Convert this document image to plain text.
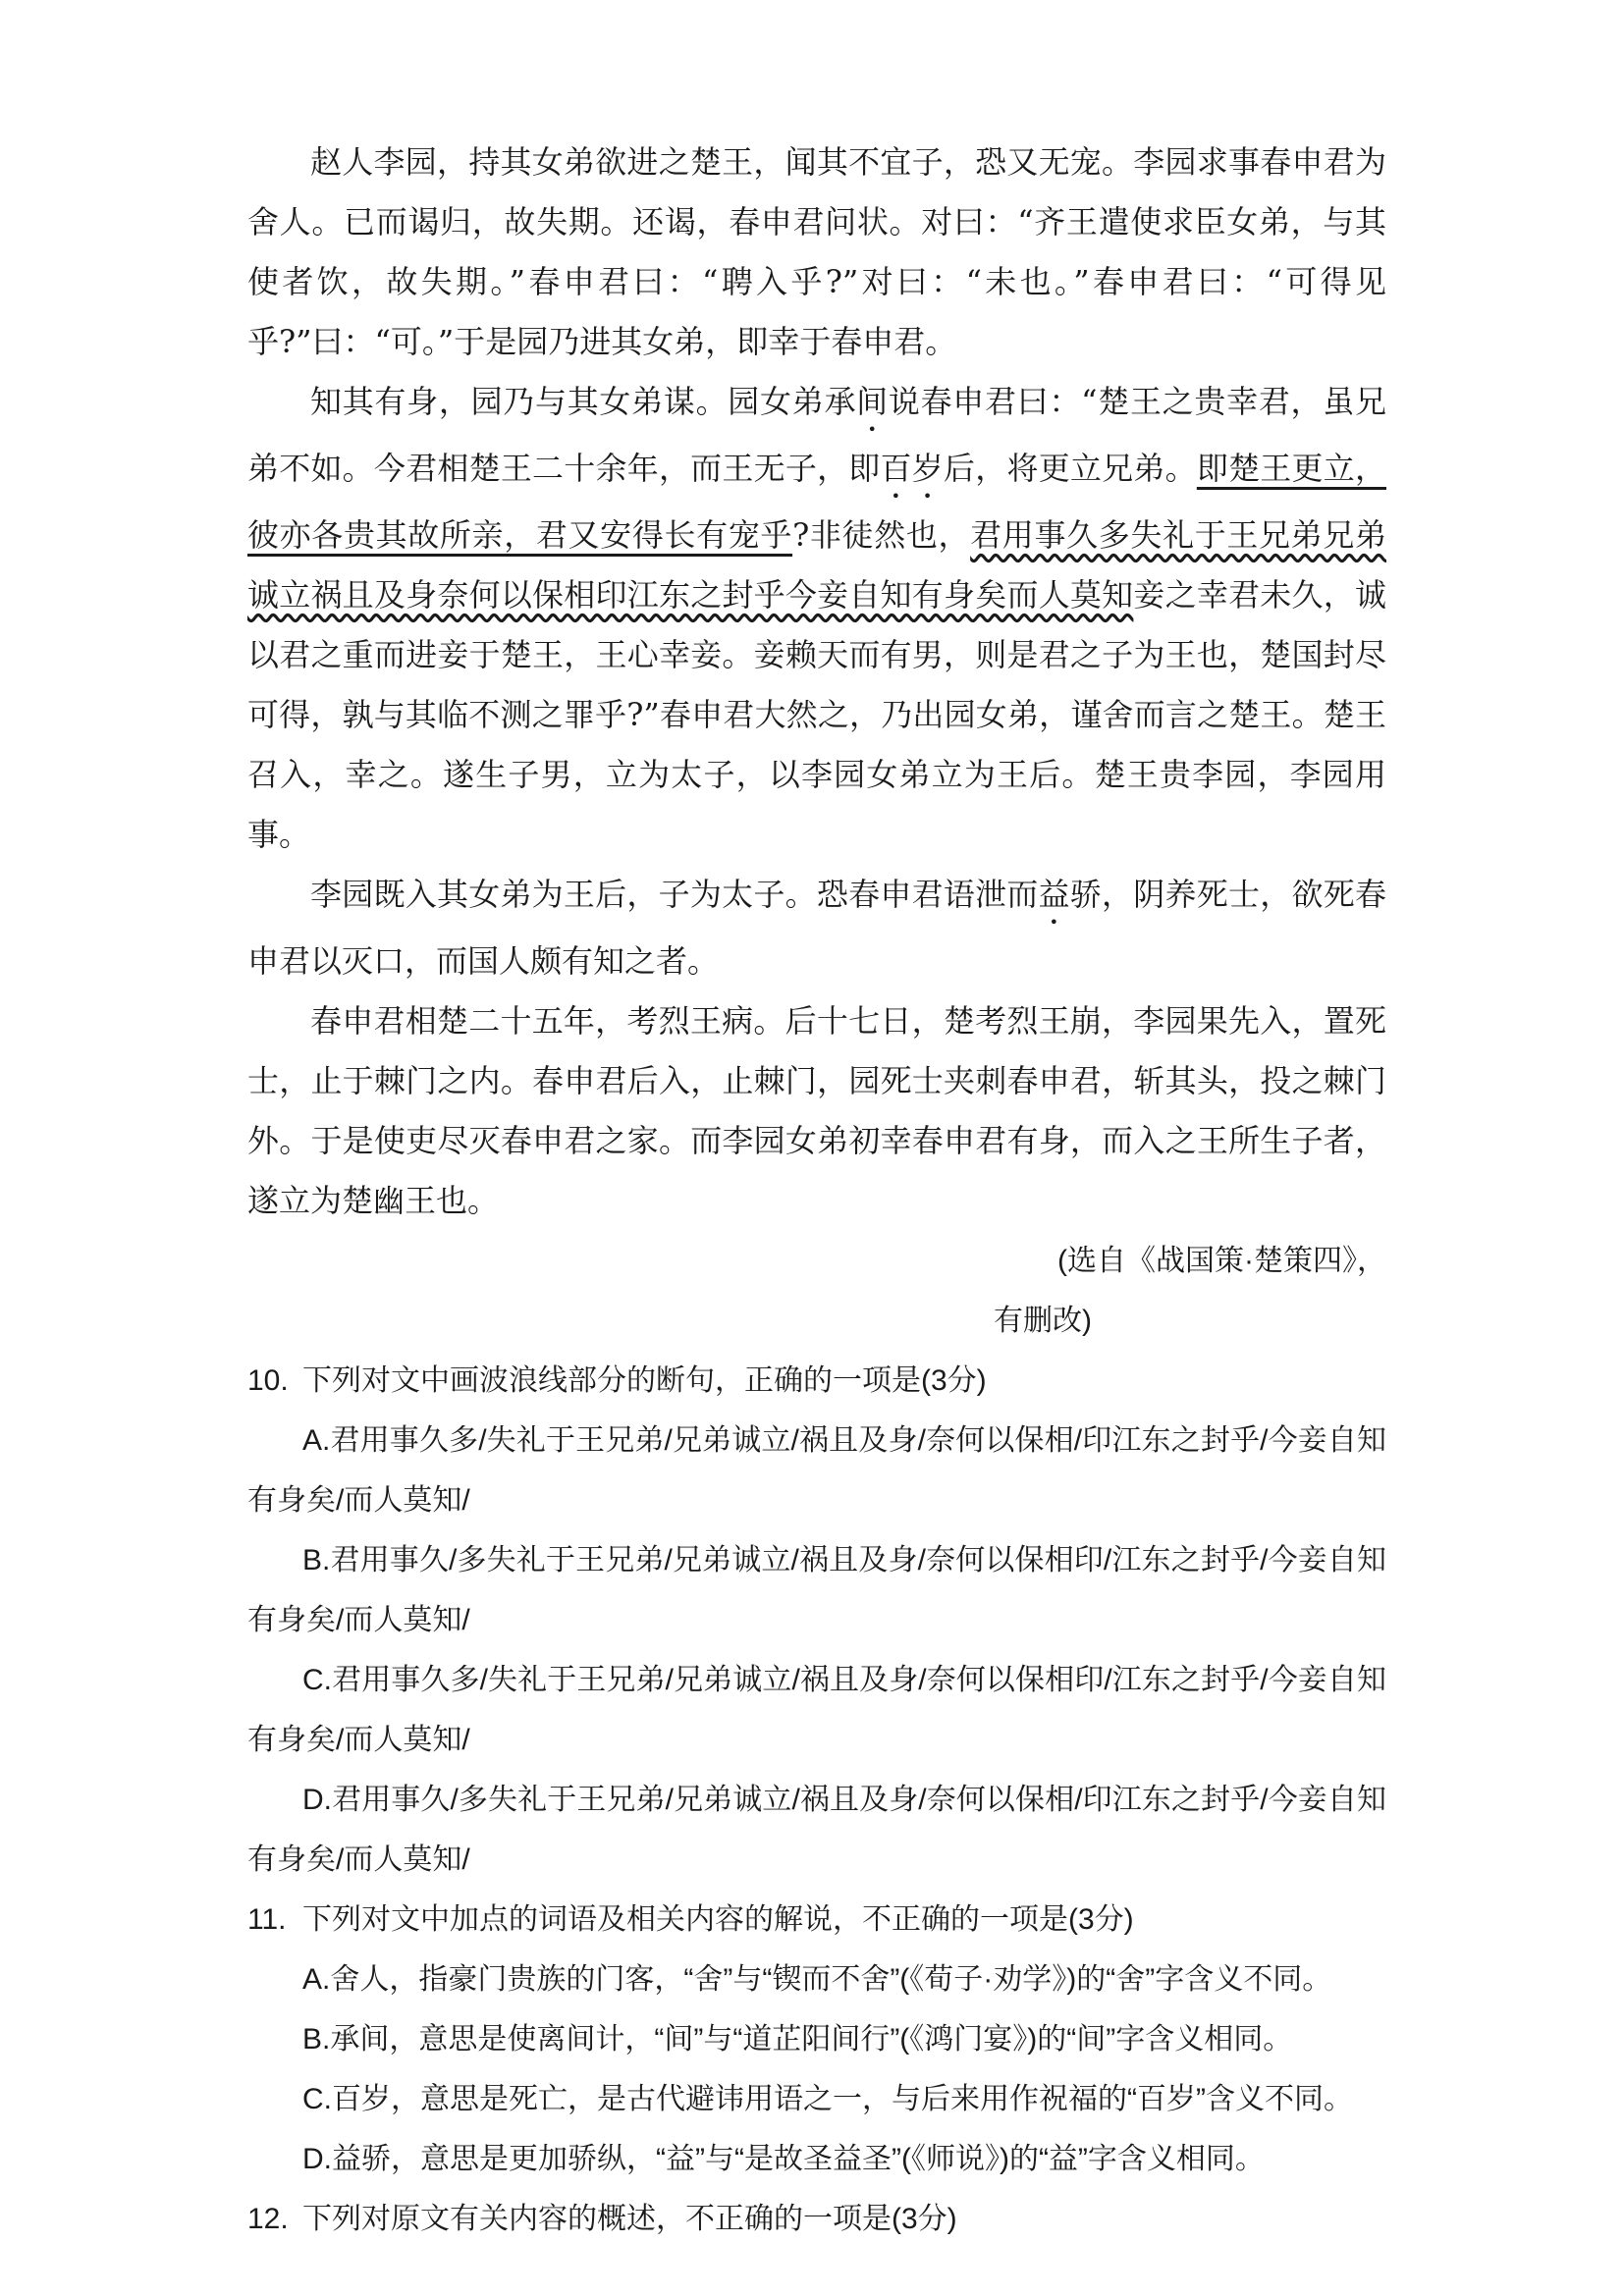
赵人李园，持其女弟欲进之楚王，闻其不宜子，恐又无宠。李园求事春申君为舍人。已而谒归，故失期。还谒，春申君问状。对曰：“齐王遣使求臣女弟，与其使者饮，故失期。”春申君曰：“聘入乎?”对曰：“未也。”春申君曰：“可得见乎?”曰：“可。”于是园乃进其女弟，即幸于春申君。

知其有身，园乃与其女弟谋。园女弟承间说春申君曰：“楚王之贵幸君，虽兄弟不如。今君相楚王二十余年，而王无子，即百岁后，将更立兄弟。即楚王更立，彼亦各贵其故所亲，君又安得长有宠乎?非徒然也，君用事久多失礼于王兄弟兄弟诚立祸且及身奈何以保相印江东之封乎今妾自知有身矣而人莫知妾之幸君未久，诚以君之重而进妾于楚王，王心幸妾。妾赖天而有男，则是君之子为王也，楚国封尽可得，孰与其临不测之罪乎?”春申君大然之，乃出园女弟，谨舍而言之楚王。楚王召入，幸之。遂生子男，立为太子，以李园女弟立为王后。楚王贵李园，李园用事。

李园既入其女弟为王后，子为太子。恐春申君语泄而益骄，阴养死士，欲死春申君以灭口，而国人颇有知之者。

春申君相楚二十五年，考烈王病。后十七日，楚考烈王崩，李园果先入，置死士，止于棘门之内。春申君后入，止棘门，园死士夹刺春申君，斩其头，投之棘门外。于是使吏尽灭春申君之家。而李园女弟初幸春申君有身，而入之王所生子者，遂立为楚幽王也。

(选自《战国策·楚策四》，

有删改)

10. 下列对文中画波浪线部分的断句，正确的一项是(3分)

A.君用事久多/失礼于王兄弟/兄弟诚立/祸且及身/奈何以保相/印江东之封乎/今妾自知有身矣/而人莫知/

B.君用事久/多失礼于王兄弟/兄弟诚立/祸且及身/奈何以保相印/江东之封乎/今妾自知有身矣/而人莫知/

C.君用事久多/失礼于王兄弟/兄弟诚立/祸且及身/奈何以保相印/江东之封乎/今妾自知有身矣/而人莫知/

D.君用事久/多失礼于王兄弟/兄弟诚立/祸且及身/奈何以保相/印江东之封乎/今妾自知有身矣/而人莫知/

11. 下列对文中加点的词语及相关内容的解说，不正确的一项是(3分)

A.舍人，指豪门贵族的门客，“舍”与“锲而不舍”(《荀子·劝学》)的“舍”字含义不同。

B.承间，意思是使离间计，“间”与“道芷阳间行”(《鸿门宴》)的“间”字含义相同。

C.百岁，意思是死亡，是古代避讳用语之一，与后来用作祝福的“百岁”含义不同。

D.益骄，意思是更加骄纵，“益”与“是故圣益圣”(《师说》)的“益”字含义相同。

12. 下列对原文有关内容的概述，不正确的一项是(3分)
